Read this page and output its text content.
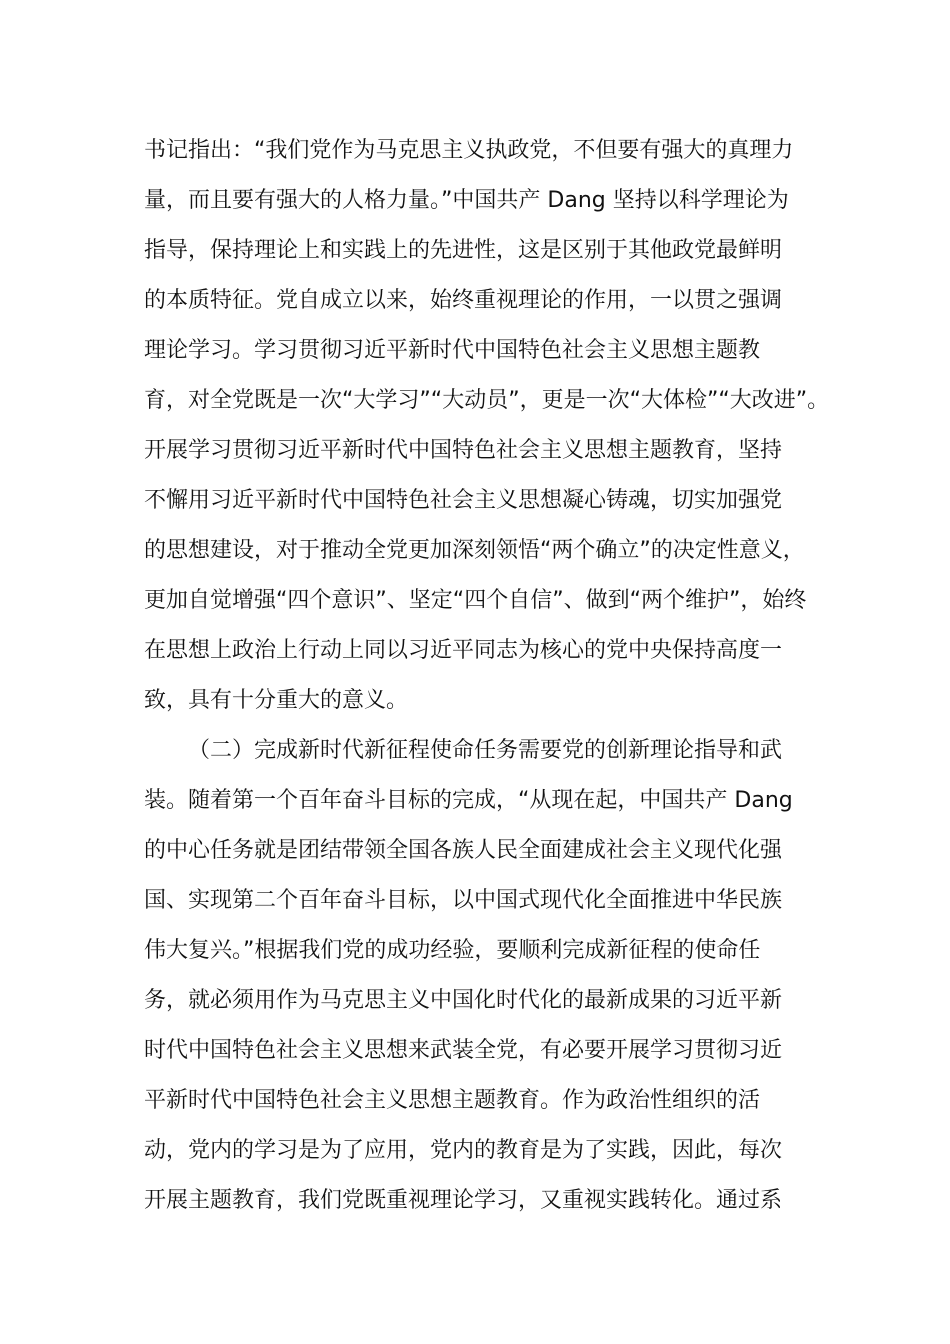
书记指出：“我们党作为马克思主义执政党，不但要有强大的真理力
量，而且要有强大的人格力量。”中国共产 Dang 坚持以科学理论为
指导，保持理论上和实践上的先进性，这是区别于其他政党最鲜明
的本质特征。党自成立以来，始终重视理论的作用，一以贯之强调
理论学习。学习贯彻习近平新时代中国特色社会主义思想主题教
育，对全党既是一次“大学习”“大动员”，更是一次“大体检”“大改进”。
开展学习贯彻习近平新时代中国特色社会主义思想主题教育，坚持
不懈用习近平新时代中国特色社会主义思想凝心铸魂，切实加强党
的思想建设，对于推动全党更加深刻领悟“两个确立”的决定性意义，
更加自觉增强“四个意识”、坚定“四个自信”、做到“两个维护”，始终
在思想上政治上行动上同以习近平同志为核心的党中央保持高度一
致，具有十分重大的意义。
（二）完成新时代新征程使命任务需要党的创新理论指导和武
装。随着第一个百年奋斗目标的完成，“从现在起，中国共产 Dang
的中心任务就是团结带领全国各族人民全面建成社会主义现代化强
国、实现第二个百年奋斗目标，以中国式现代化全面推进中华民族
伟大复兴。”根据我们党的成功经验，要顺利完成新征程的使命任
务，就必须用作为马克思主义中国化时代化的最新成果的习近平新
时代中国特色社会主义思想来武装全党，有必要开展学习贯彻习近
平新时代中国特色社会主义思想主题教育。作为政治性组织的活
动，党内的学习是为了应用，党内的教育是为了实践，因此，每次
开展主题教育，我们党既重视理论学习，又重视实践转化。通过系
